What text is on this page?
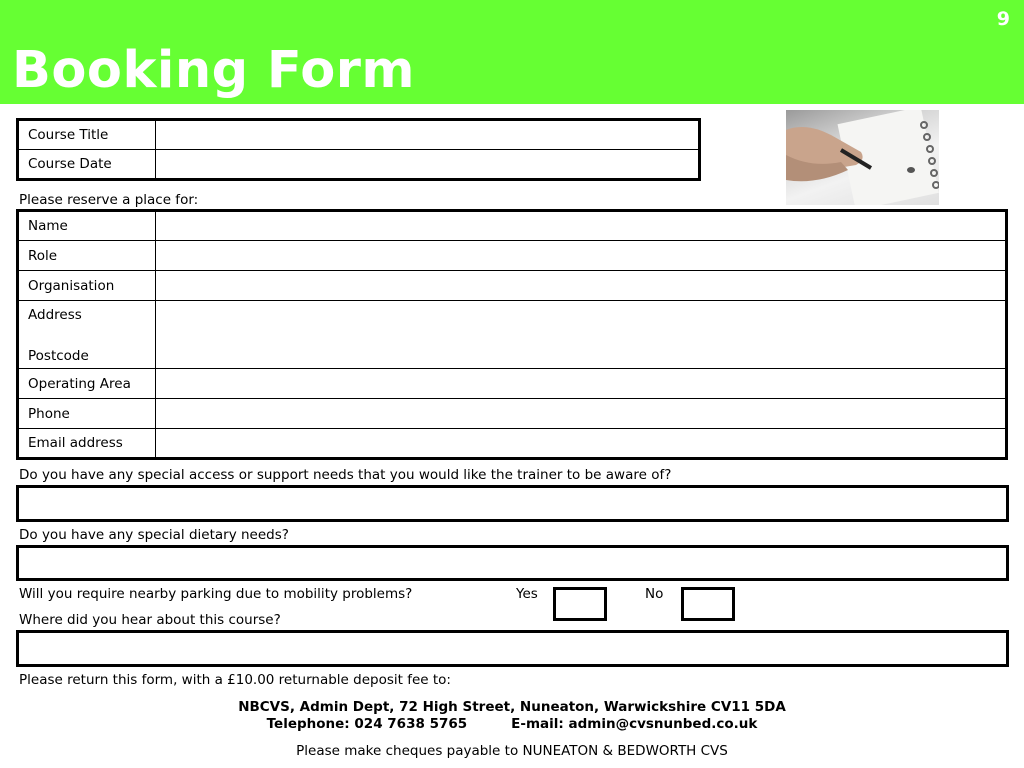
9
Booking Form
Course Title	
Course Date	
Please reserve a place for:
Name	
Role	
Organisation	

Address
Postcode	

Operating Area	
Phone	
Email address	
Do you have any special access or support needs that you would like the trainer to be aware of?
Do you have any special dietary needs?
Will you require nearby parking due to mobility problems?	Yes	No
Where did you hear about this course?
Please return this form, with a £10.00 returnable deposit fee to:
NBCVS, Admin Dept, 72 High Street, Nuneaton, Warwickshire CV11 5DA
Telephone: 024 7638 5765	E-mail: admin@cvsnunbed.co.uk
Please make cheques payable to NUNEATON & BEDWORTH CVS
